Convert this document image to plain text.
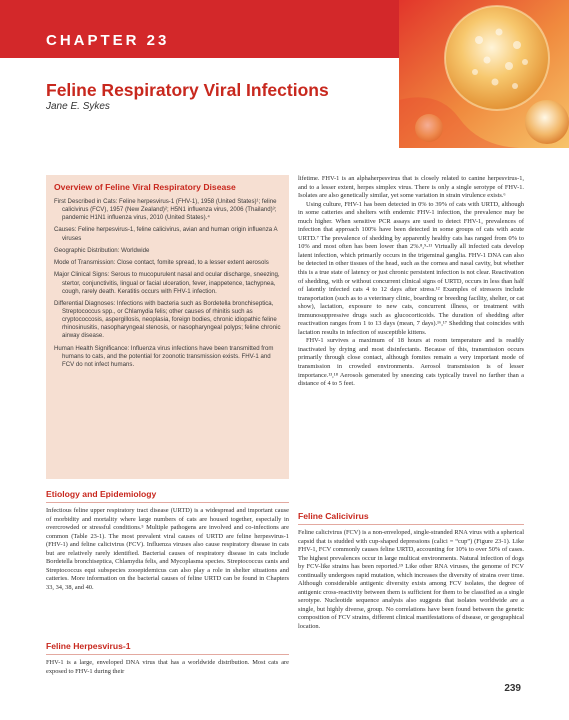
CHAPTER 23
Feline Respiratory Viral Infections

Jane E. Sykes

Overview of Feline Viral Respiratory Disease

First Described in Cats: Feline herpesvirus-1 (FHV-1), 1958 (United States)¹; feline calicivirus (FCV), 1957 (New Zealand)²; H5N1 influenza virus, 2006 (Thailand)³; pandemic H1N1 influenza virus, 2010 (United States).⁴

Causes: Feline herpesvirus-1, feline calicivirus, avian and human origin influenza A viruses

Geographic Distribution: Worldwide

Mode of Transmission: Close contact, fomite spread, to a lesser extent aerosols

Major Clinical Signs: Serous to mucopurulent nasal and ocular discharge, sneezing, stertor, conjunctivitis, lingual or facial ulceration, fever, inappetence, tachypnea, cough, rarely death. Keratitis occurs with FHV-1 infection.

Differential Diagnoses: Infections with bacteria such as Bordetella bronchiseptica, Streptococcus spp., or Chlamydia felis; other causes of rhinitis such as cryptococcosis, aspergillosis, neoplasia, foreign bodies, chronic idiopathic feline rhinosinusitis, nasopharyngeal stenosis, or nasopharyngeal polyps; feline chronic airway disease.

Human Health Significance: Influenza virus infections have been transmitted from humans to cats, and the potential for zoonotic transmission exists. FHV-1 and FCV do not infect humans.

Etiology and Epidemiology

Infectious feline upper respiratory tract disease (URTD) is a widespread and important cause of morbidity and mortality where large numbers of cats are housed together, especially in overcrowded or stressful conditions.⁵ Multiple pathogens are involved and co-infections are common (Table 23-1). The most prevalent viral causes of URTD are feline herpesvirus-1 (FHV-1) and feline calicivirus (FCV). Influenza viruses also cause respiratory disease in cats but are relatively rarely identified. Bacterial causes of respiratory disease in cats include Bordetella bronchiseptica, Chlamydia felis, and Mycoplasma species. Streptococcus canis and Streptococcus equi subspecies zooepidemicus can also play a role in shelter situations and catteries. More information on the bacterial causes of feline URTD can be found in Chapters 33, 34, 38, and 40.

Feline Herpesvirus-1

FHV-1 is a large, enveloped DNA virus that has a worldwide distribution. Most cats are exposed to FHV-1 during their

lifetime. FHV-1 is an alphaherpesvirus that is closely related to canine herpesvirus-1, and to a lesser extent, herpes simplex virus. There is only a single serotype of FHV-1. Isolates are also genetically similar, yet some variation in strain virulence exists.⁶

Using culture, FHV-1 has been detected in 0% to 39% of cats with URTD, although in some catteries and shelters with endemic FHV-1 infection, the prevalence may be much higher. When sensitive PCR assays are used to detect FHV-1, prevalences of infection that approach 100% have been detected in some groups of cats with acute URTD.⁷ The prevalence of shedding by apparently healthy cats has ranged from 0% to 10% and most often has been lower than 2%.⁸,⁹-¹¹ Virtually all infected cats develop latent infection, which primarily occurs in the trigeminal ganglia. FHV-1 DNA can also be detected in other tissues of the head, such as the cornea and nasal cavity, but whether this is a true state of latency or just chronic persistent infection is not clear. Reactivation of shedding, with or without concurrent clinical signs of URTD, occurs in less than half of latently infected cats 4 to 12 days after stress.¹² Examples of stressors include transportation (such as to a veterinary clinic, boarding or breeding facility, shelter, or cat show), lactation, exposure to new cats, concurrent illness, or treatment with immunosuppressive drugs such as glucocorticoids. The duration of shedding after reactivation ranges from 1 to 13 days (mean, 7 days).¹⁶,¹⁷ Shedding that coincides with lactation results in infection of susceptible kittens.

FHV-1 survives a maximum of 18 hours at room temperature and is readily inactivated by drying and most disinfectants. Because of this, transmission occurs primarily through close contact, although fomites remain a very important mode of transmission in crowded environments. Aerosol transmission is of lesser importance.¹³,¹⁸ Aerosols generated by sneezing cats typically travel no farther than a distance of 4 to 5 feet.

Feline Calicivirus

Feline calicivirus (FCV) is a non-enveloped, single-stranded RNA virus with a spherical capsid that is studded with cup-shaped depressions (calici = “cup”) (Figure 23-1). Like FHV-1, FCV commonly causes feline URTD, accounting for 10% to over 50% of cases. The highest prevalences occur in large multicat environments. Natural infection of dogs by FCV-like strains has been reported.¹⁹ Like other RNA viruses, the genome of FCV continually undergoes rapid mutation, which increases the diversity of strains over time. Although considerable antigenic diversity exists among FCV isolates, the degree of antigenic cross-reactivity between them is sufficient for them to be classified as a single serotype. Nucleotide sequence analysis also suggests that isolates worldwide are a single, but highly diverse, group. No correlations have been found between the genetic composition of FCV strains, different clinical manifestations of disease, or geographical location.

239
